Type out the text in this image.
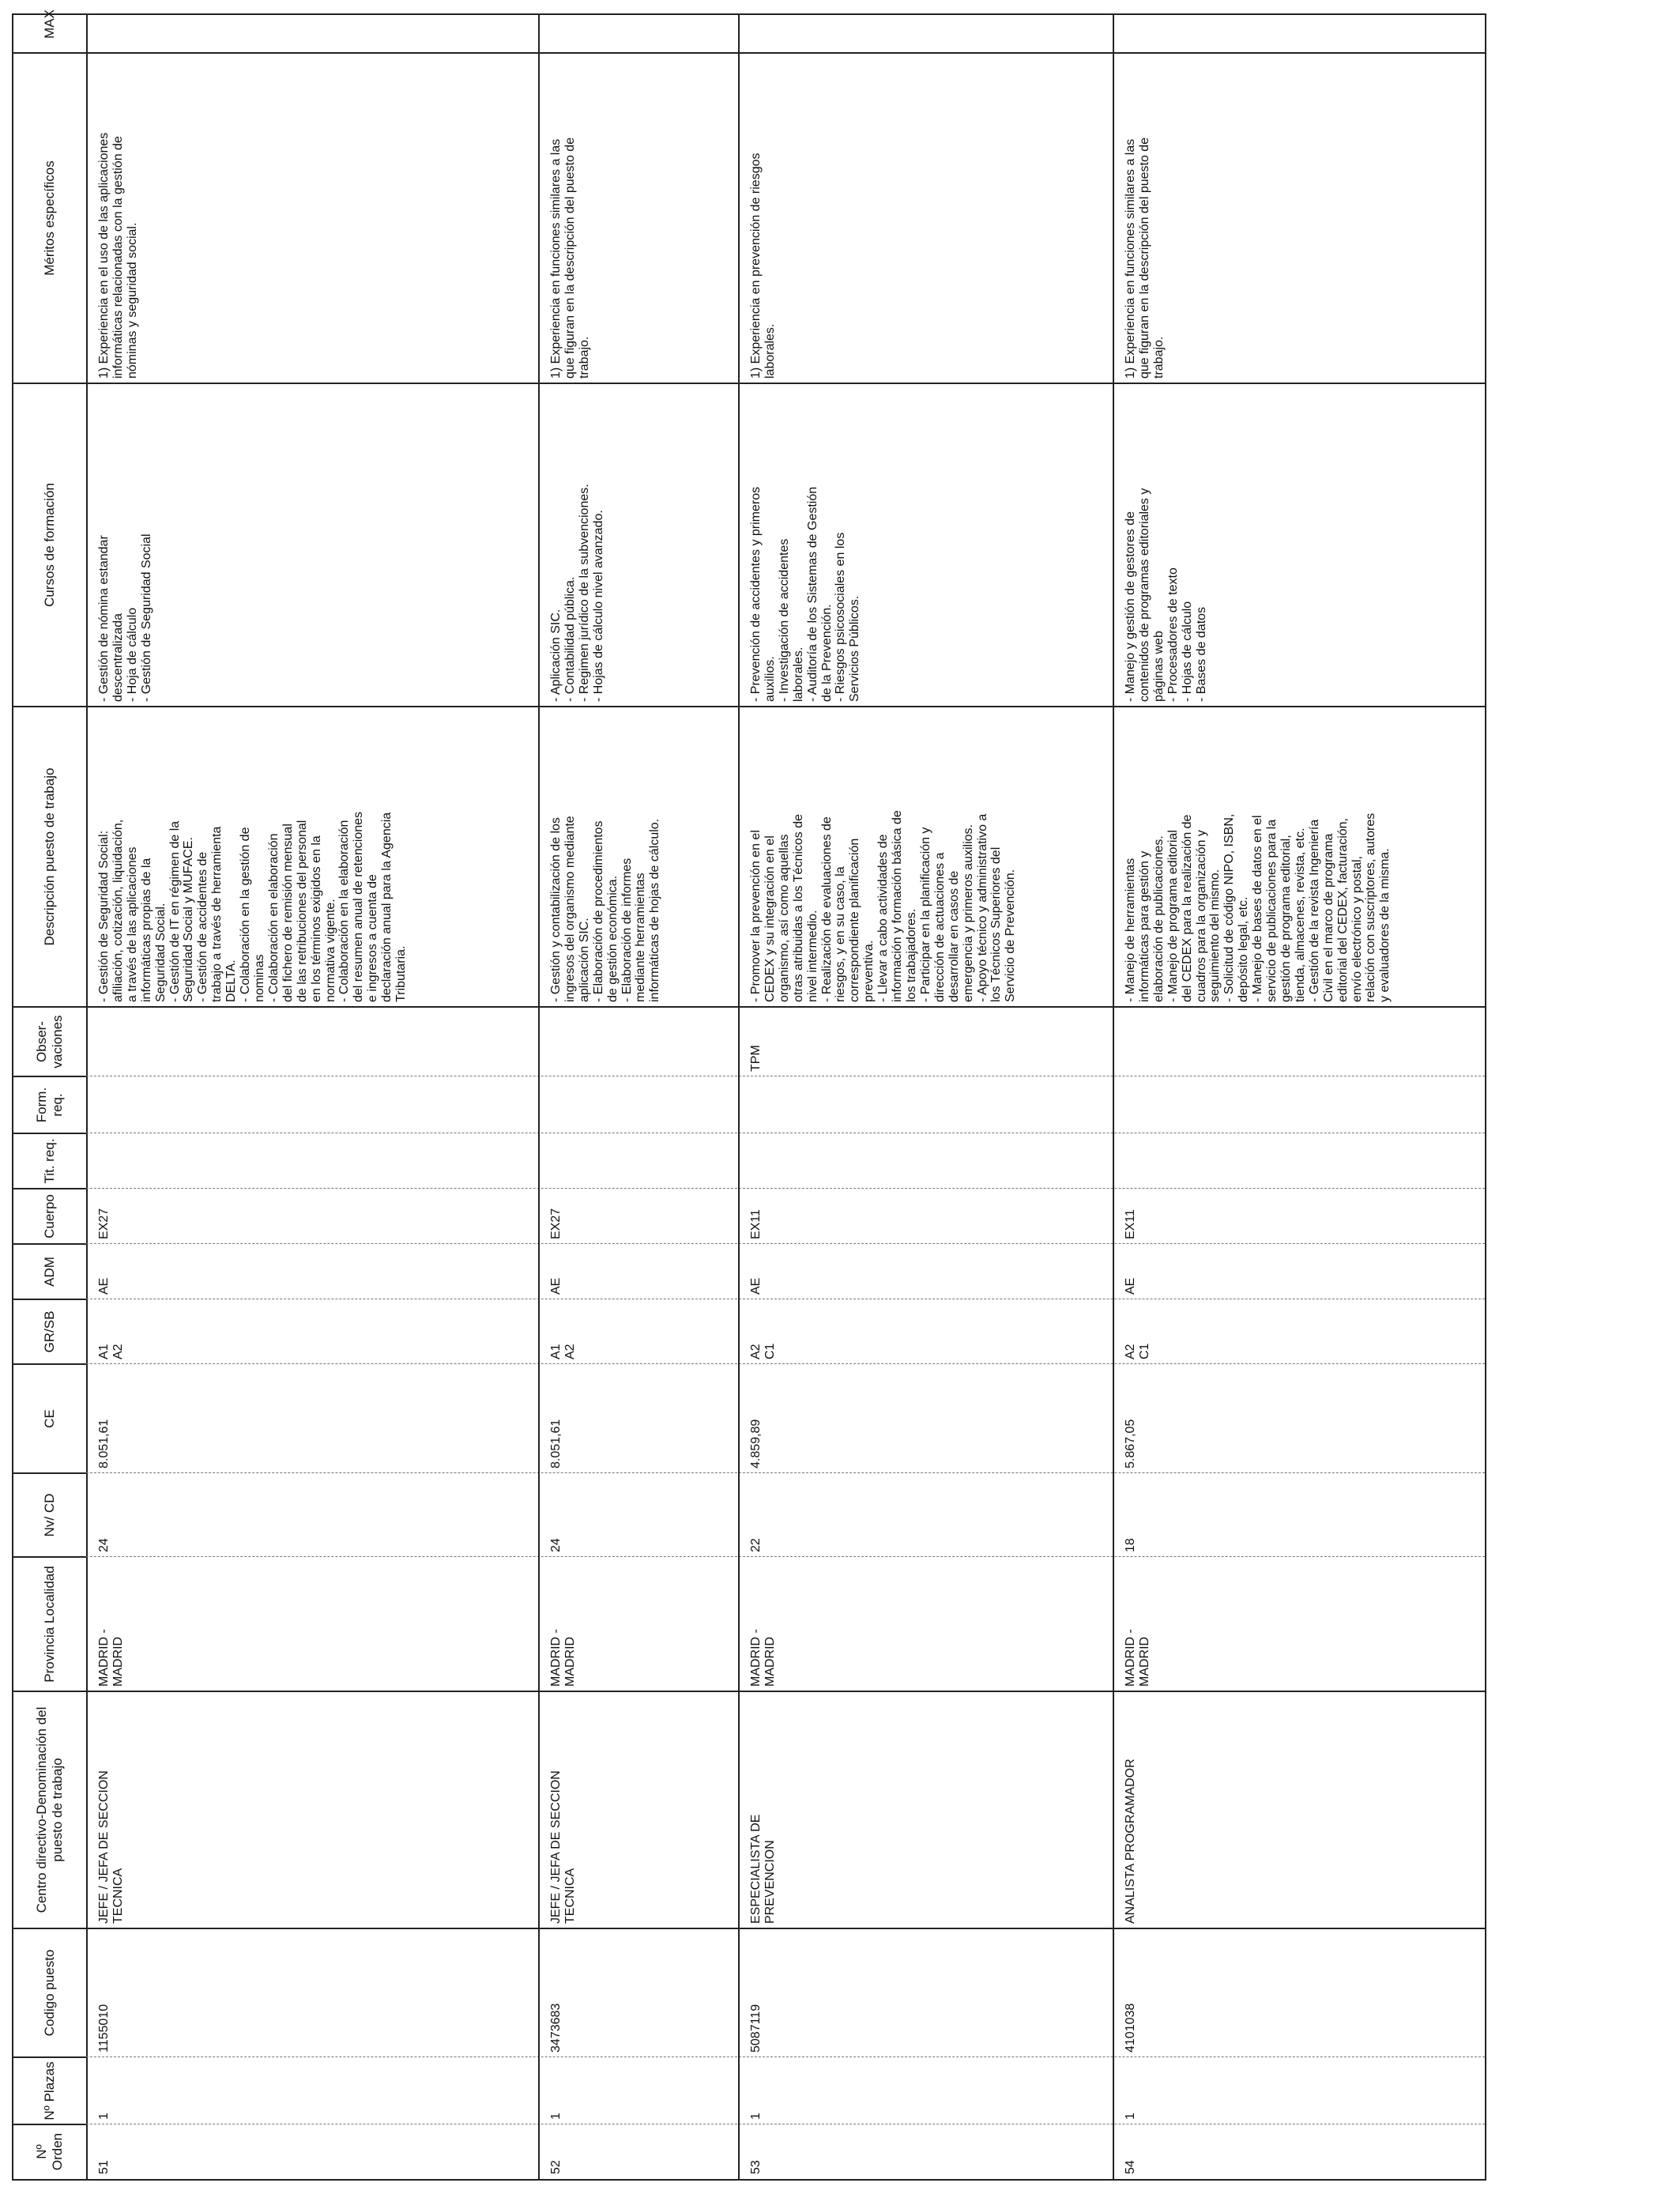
Nº Orden
Nº Plazas
Codigo puesto
Centro directivo-Denominación del puesto de trabajo
Provincia Localidad
Nv/ CD
CE
GR/SB
ADM
Cuerpo
Tit. req.
Form. req.
Obser-vaciones
Descripción puesto de trabajo
Cursos de formación
Méritos específicos
MAX
51
1
1155010
JEFE / JEFA DE SECCION
TECNICA
MADRID -
MADRID
24
8.051,61
A1
A2
AE
EX27
- Gestión de Seguridad Social:
afiliación, cotización, liquidación,
a través de las aplicaciones
informáticas propias de la
Seguridad Social.
- Gestión de IT en régimen de la
Seguridad Social y MUFACE.
- Gestión de accidentes de
trabajo a través de herramienta
DELTA.
- Colaboración en la gestión de
nominas
- Colaboración en elaboración
del fichero de remisión mensual
de las retribuciones del personal
en los términos exigidos en la
normativa vigente.
- Colaboración en la elaboración
del resumen anual de retenciones
e ingresos a cuenta de
declaración anual para la Agencia
Tributaria.
- Gestión de nómina estandar
descentralizada
- Hoja de cálculo
- Gestión de Seguridad Social
1) Experiencia en el uso de las aplicaciones
informáticas relacionadas con la gestión de
nóminas y seguridad social.
52
1
3473683
JEFE / JEFA DE SECCION
TECNICA
MADRID -
MADRID
24
8.051,61
A1
A2
AE
EX27
- Gestión y contabilización de los
ingresos del organismo mediante
aplicación SIC.
- Elaboración de procedimientos
de gestión económica.
- Elaboración de informes
mediante herramientas
informáticas de hojas de cálculo.
- Aplicación SIC.
- Contabilidad pública.
- Regimen jurídico de la subvenciones.
- Hojas de cálculo nivel avanzado.
1) Experiencia en funciones similares a las
que figuran en la descripción del puesto de
trabajo.
53
1
5087119
ESPECIALISTA DE
PREVENCION
MADRID -
MADRID
22
4.859,89
A2
C1
AE
EX11
TPM
- Promover la prevención en el
CEDEX y su integración en el
organismo, así como aquellas
otras atribuidas a los Técnicos de
nivel intermedio.
- Realización de evaluaciones de
riesgos, y en su caso, la
correspondiente planificación
preventiva.
- Llevar a cabo actividades de
información y formación básica de
los trabajadores.
- Participar en la planificación y
dirección de actuaciones a
desarrollar en casos de
emergencia y primeros auxilios.
- Apoyo técnico y administrativo a
los Técnicos Superiores del
Servicio de Prevención.
- Prevención de accidentes y primeros
auxilios.
- Investigación de accidentes
laborales.
- Auditoría de los Sistemas de Gestión
de la Prevención.
- Riesgos psicosociales en los
Servicios Públicos.
1) Experiencia en prevención de riesgos
laborales.
54
1
4101038
ANALISTA PROGRAMADOR
MADRID -
MADRID
18
5.867,05
A2
C1
AE
EX11
- Manejo de herramientas
informáticas para gestión y
elaboración de publicaciones.
- Manejo de programa editorial
del CEDEX para la realización de
cuadros para la organización y
seguimiento del mismo.
- Solicitud de código NIPO, ISBN,
depósito legal, etc.
- Manejo de bases de datos en el
servicio de publicaciones para la
gestión de programa editorial,
tienda, almacenes, revista, etc.
- Gestión de la revista Ingeniería
Civil en el marco de programa
editorial del CEDEX, facturación,
envío electrónico y postal,
relación con suscriptores, autores
y evaluadores de la misma.
- Manejo y gestión de gestores de
contenidos de programas editoriales y
páginas web
- Procesadores de texto
- Hojas de cálculo
- Bases de datos
1) Experiencia en funciones similares a las
que figuran en la descripción del puesto de
trabajo.
